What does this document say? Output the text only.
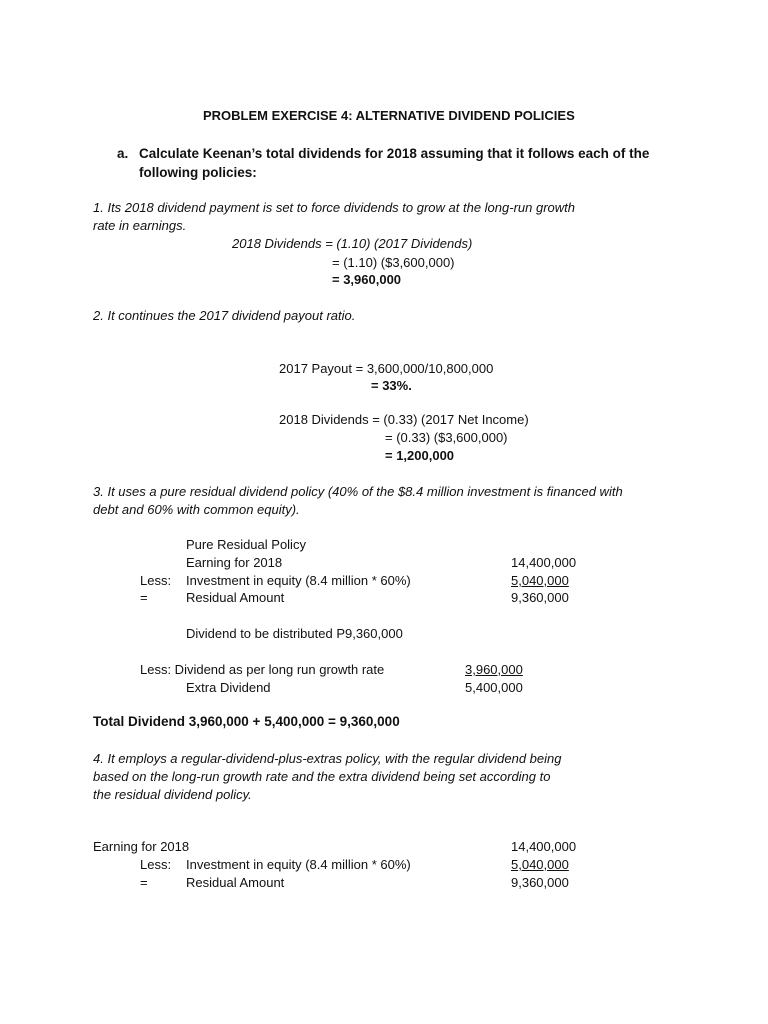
PROBLEM EXERCISE 4: ALTERNATIVE DIVIDEND POLICIES
a. Calculate Keenan’s total dividends for 2018 assuming that it follows each of the
following policies:
1. Its 2018 dividend payment is set to force dividends to grow at the long-run growth
rate in earnings.
2018 Dividends = (1.10) (2017 Dividends)
= (1.10) ($3,600,000)
= 3,960,000
2. It continues the 2017 dividend payout ratio.
2017 Payout = 3,600,000/10,800,000
= 33%.
2018 Dividends = (0.33) (2017 Net Income)
= (0.33) ($3,600,000)
= 1,200,000
3. It uses a pure residual dividend policy (40% of the $8.4 million investment is financed with
debt and 60% with common equity).
Pure Residual Policy
Earning for 2018	14,400,000
Less: Investment in equity (8.4 million * 60%)	5,040,000
=	Residual Amount	9,360,000
Dividend to be distributed P9,360,000
Less: Dividend as per long run growth rate	3,960,000
Extra Dividend	5,400,000
Total Dividend 3,960,000 + 5,400,000 = 9,360,000
4. It employs a regular-dividend-plus-extras policy, with the regular dividend being
based on the long-run growth rate and the extra dividend being set according to
the residual dividend policy.
Earning for 2018	14,400,000
Less: Investment in equity (8.4 million * 60%)	5,040,000
=	Residual Amount	9,360,000
